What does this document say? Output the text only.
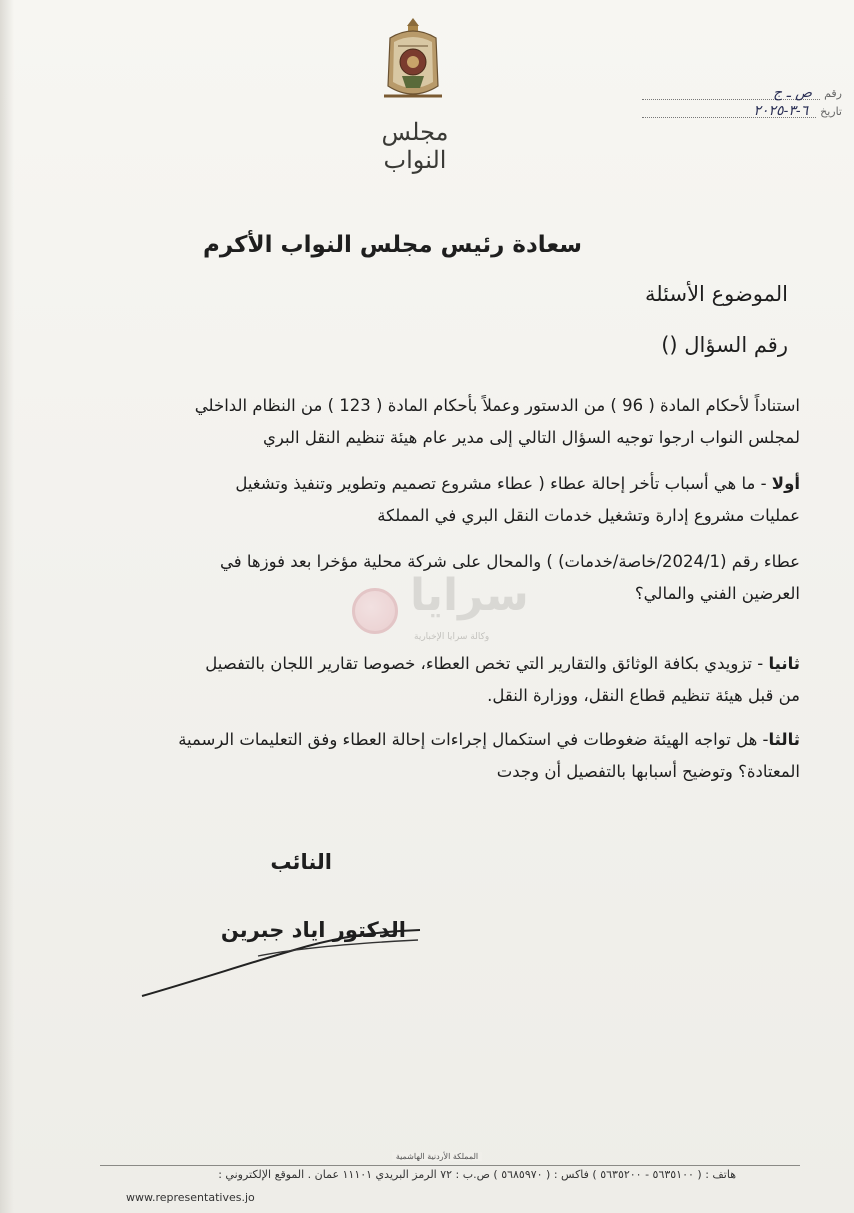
مجلس النواب
رقم
ص ـ ج
تاريخ
٦-٣-٢٠٢٥
سعادة رئيس مجلس النواب الأكرم
الموضوع الأسئلة
رقم السؤال ()
استناداً لأحكام المادة ( 96 ) من الدستور وعملاً بأحكام المادة ( 123 ) من النظام الداخلي
لمجلس النواب ارجوا توجيه السؤال التالي إلى مدير عام هيئة تنظيم النقل البري
أولا - ما هي أسباب تأخر إحالة عطاء ( عطاء مشروع تصميم وتطوير وتنفيذ وتشغيل
عمليات مشروع إدارة وتشغيل خدمات النقل البري في المملكة
عطاء رقم (2024/1/خاصة/خدمات) ) والمحال على شركة محلية مؤخرا بعد فوزها في
العرضين الفني والمالي؟
سرايا
وكالة سرايا الإخبارية
ثانيا - تزويدي بكافة الوثائق والتقارير التي تخص العطاء، خصوصا تقارير اللجان بالتفصيل
من قبل هيئة تنظيم قطاع النقل، ووزارة النقل.
ثالثا- هل تواجه الهيئة ضغوطات في استكمال إجراءات إحالة العطاء وفق التعليمات الرسمية
المعتادة؟ وتوضيح أسبابها بالتفصيل أن وجدت
النائب
الدكتور اياد جبرين
المملكة الأردنية الهاشمية
هاتف : ( ٥٦٣٥١٠٠ - ٥٦٣٥٢٠٠ ) فاكس : ( ٥٦٨٥٩٧٠ ) ص.ب : ٧٢ الرمز البريدي ١١١٠١ عمان . الموقع الإلكتروني :
www.representatives.jo
